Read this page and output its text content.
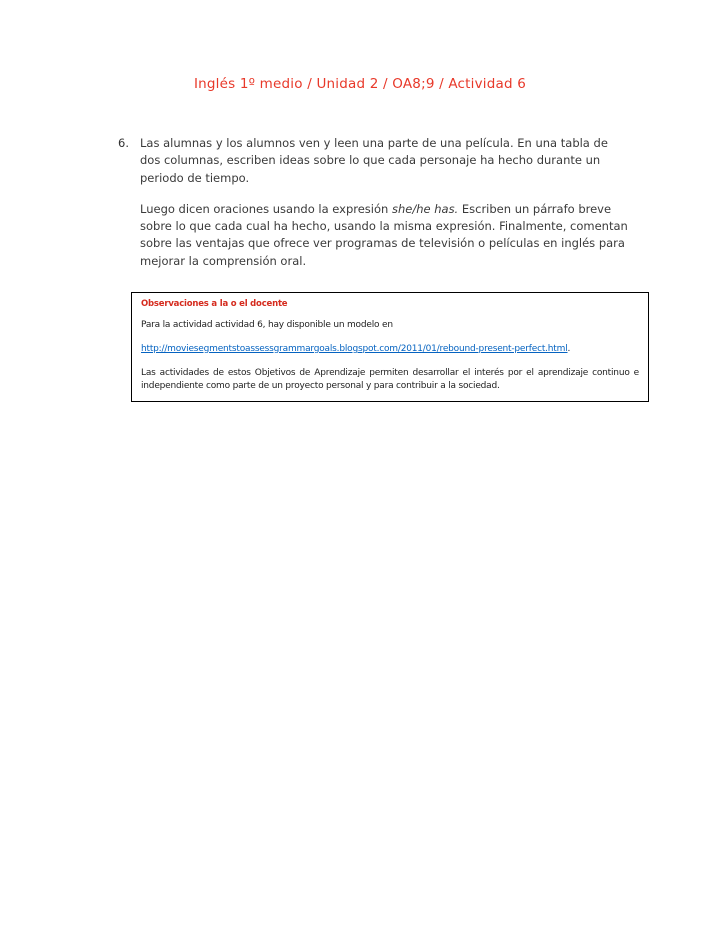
Inglés 1º medio / Unidad 2 / OA8;9 / Actividad 6
6. Las alumnas y los alumnos ven y leen una parte de una película. En una tabla de dos columnas, escriben ideas sobre lo que cada personaje ha hecho durante un periodo de tiempo.

Luego dicen oraciones usando la expresión she/he has. Escriben un párrafo breve sobre lo que cada cual ha hecho, usando la misma expresión. Finalmente, comentan sobre las ventajas que ofrece ver programas de televisión o películas en inglés para mejorar la comprensión oral.

Observaciones a la o el docente

Para la actividad actividad 6, hay disponible un modelo en

http://moviesegmentstoassessgrammargoals.blogspot.com/2011/01/rebound-present-perfect.html.

Las actividades de estos Objetivos de Aprendizaje permiten desarrollar el interés por el aprendizaje continuo e independiente como parte de un proyecto personal y para contribuir a la sociedad.
